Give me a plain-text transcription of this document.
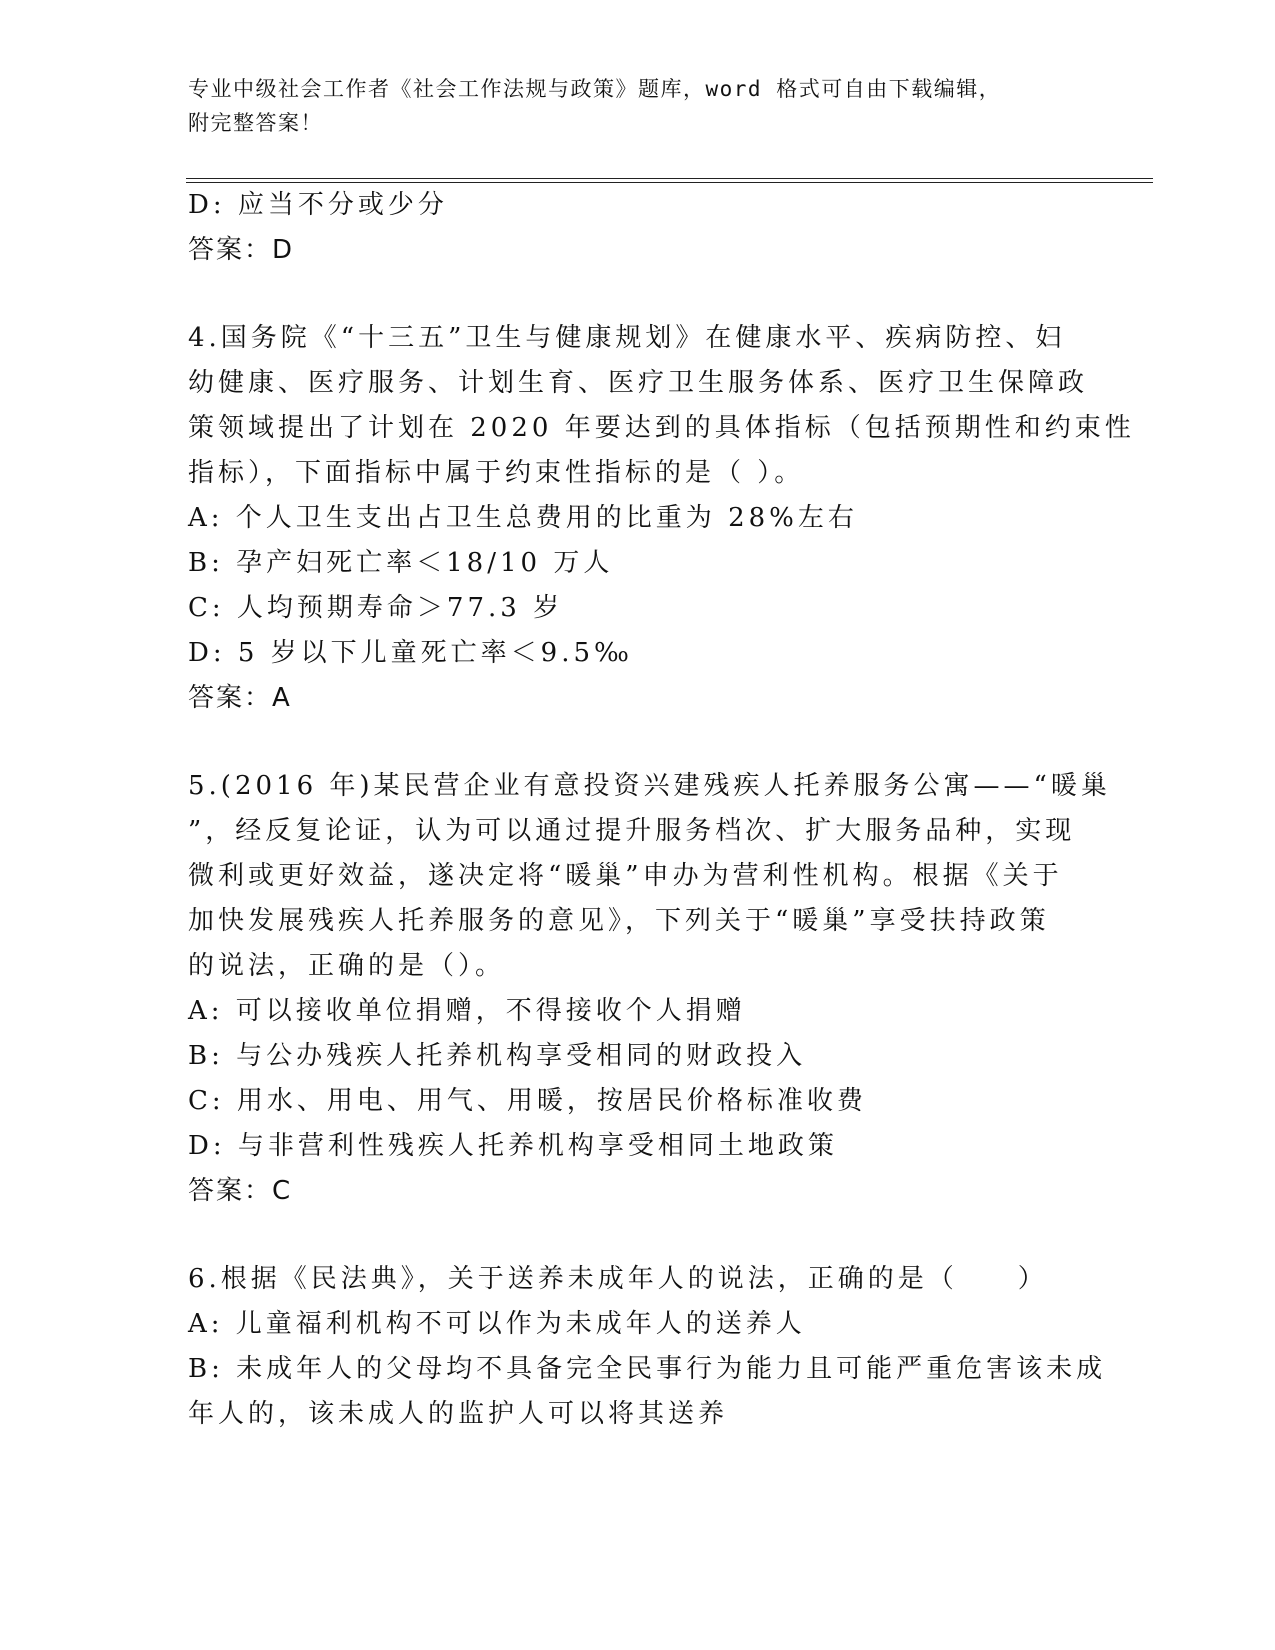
专业中级社会工作者《社会工作法规与政策》题库，word 格式可自由下载编辑，
附完整答案！
D: 应当不分或少分
答案：D
4.国务院《“十三五”卫生与健康规划》在健康水平、疾病防控、妇
幼健康、医疗服务、计划生育、医疗卫生服务体系、医疗卫生保障政
策领域提出了计划在 2020 年要达到的具体指标（包括预期性和约束性
指标），下面指标中属于约束性指标的是（ ）。
A: 个人卫生支出占卫生总费用的比重为 28%左右
B: 孕产妇死亡率＜18/10 万人
C: 人均预期寿命＞77.3 岁
D: 5 岁以下儿童死亡率＜9.5‰
答案：A
5.(2016 年)某民营企业有意投资兴建残疾人托养服务公寓——“暖巢
”，经反复论证，认为可以通过提升服务档次、扩大服务品种，实现
微利或更好效益，遂决定将“暖巢”申办为营利性机构。根据《关于
加快发展残疾人托养服务的意见》，下列关于“暖巢”享受扶持政策
的说法，正确的是（）。
A: 可以接收单位捐赠，不得接收个人捐赠
B: 与公办残疾人托养机构享受相同的财政投入
C: 用水、用电、用气、用暖，按居民价格标准收费
D: 与非营利性残疾人托养机构享受相同土地政策
答案：C
6.根据《民法典》，关于送养未成年人的说法，正确的是（　　）
A: 儿童福利机构不可以作为未成年人的送养人
B: 未成年人的父母均不具备完全民事行为能力且可能严重危害该未成
年人的，该未成人的监护人可以将其送养
